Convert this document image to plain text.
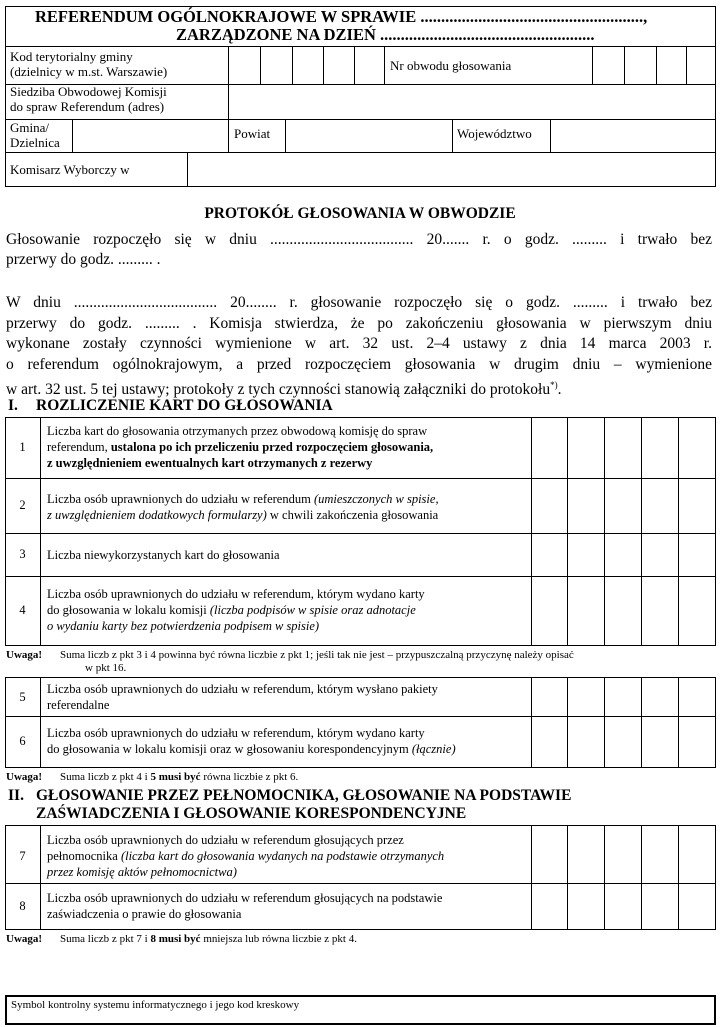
REFERENDUM OGÓLNOKRAJOWE W SPRAWIE ......................................................,
ZARZĄDZONE NA DZIEŃ ....................................................
Kod terytorialny gminy
(dzielnicy w m.st. Warszawie)	Nr obwodu głosowania
Siedziba Obwodowej Komisji
do spraw Referendum (adres)
Gmina/
Dzielnica
Powiat	Województwo
Komisarz Wyborczy w
PROTOKÓŁ GŁOSOWANIA W OBWODZIE
Głosowanie rozpoczęło się w dniu ..................................... 20....... r. o godz. ......... i trwało bez
przerwy do godz. ......... .
W dniu ..................................... 20........ r. głosowanie rozpoczęło się o godz. ......... i trwało bez
przerwy do godz. ......... . Komisja stwierdza, że po zakończeniu głosowania w pierwszym dniu
wykonane zostały czynności wymienione w art. 32 ust. 2–4 ustawy z dnia 14 marca 2003 r.
o referendum ogólnokrajowym, a przed rozpoczęciem głosowania w drugim dniu – wymienione
w art. 32 ust. 5 tej ustawy; protokoły z tych czynności stanowią załączniki do protokołu*).
I. ROZLICZENIE KART DO GŁOSOWANIA
1
Liczba kart do głosowania otrzymanych przez obwodową komisję do spraw
referendum, ustalona po ich przeliczeniu przed rozpoczęciem głosowania,
z uwzględnieniem ewentualnych kart otrzymanych z rezerwy
2	Liczba osób uprawnionych do udziału w referendum (umieszczonych w spisie,
z uwzględnieniem dodatkowych formularzy) w chwili zakończenia głosowania
3	Liczba niewykorzystanych kart do głosowania
4
Liczba osób uprawnionych do udziału w referendum, którym wydano karty
do głosowania w lokalu komisji (liczba podpisów w spisie oraz adnotacje
o wydaniu karty bez potwierdzenia podpisem w spisie)
Uwaga! Suma liczb z pkt 3 i 4 powinna być równa liczbie z pkt 1; jeśli tak nie jest – przypuszczalną przyczynę należy opisać
w pkt 16.
5
Liczba osób uprawnionych do udziału w referendum, którym wysłano pakiety
referendalne
6
Liczba osób uprawnionych do udziału w referendum, którym wydano karty
do głosowania w lokalu komisji oraz w głosowaniu korespondencyjnym (łącznie)
Uwaga! Suma liczb z pkt 4 i 5 musi być równa liczbie z pkt 6.
II. GŁOSOWANIE PRZEZ PEŁNOMOCNIKA, GŁOSOWANIE NA PODSTAWIE
ZAŚWIADCZENIA I GŁOSOWANIE KORESPONDENCYJNE
7
Liczba osób uprawnionych do udziału w referendum głosujących przez
pełnomocnika (liczba kart do głosowania wydanych na podstawie otrzymanych
przez komisję aktów pełnomocnictwa)
8
Liczba osób uprawnionych do udziału w referendum głosujących na podstawie
zaświadczenia o prawie do głosowania
Uwaga! Suma liczb z pkt 7 i 8 musi być mniejsza lub równa liczbie z pkt 4.
Symbol kontrolny systemu informatycznego i jego kod kreskowy
